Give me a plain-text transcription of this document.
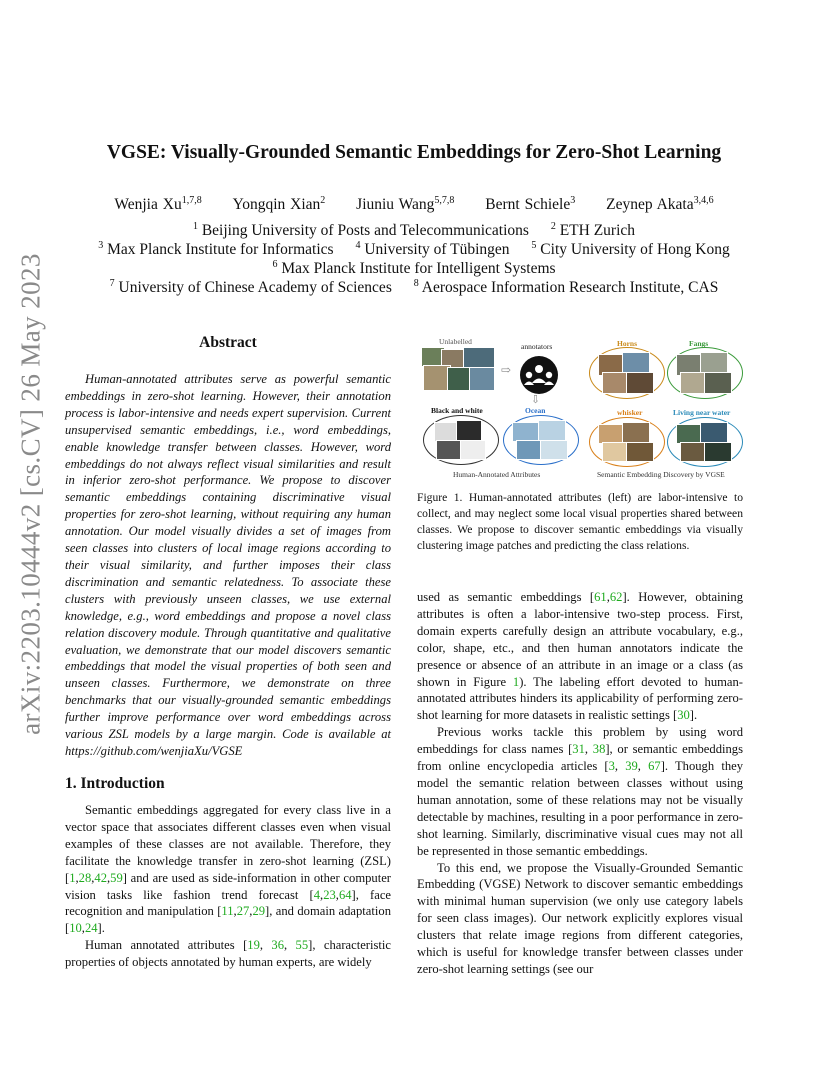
arXiv:2203.10444v2 [cs.CV] 26 May 2023
VGSE: Visually-Grounded Semantic Embeddings for Zero-Shot Learning
Wenjia Xu$^{1,7,8}$ Yongqin Xian$^2$ Jiuniu Wang$^{5,7,8}$ Bernt Schiele$^3$ Zeynep Akata$^{3,4,6}$
$^1$ Beijing University of Posts and Telecommunications $^2$ ETH Zurich
$^3$ Max Planck Institute for Informatics $^4$ University of Tübingen $^5$ City University of Hong Kong
$^6$ Max Planck Institute for Intelligent Systems
$^7$ University of Chinese Academy of Sciences $^8$ Aerospace Information Research Institute, CAS
Abstract

Human-annotated attributes serve as powerful semantic embeddings in zero-shot learning. However, their annotation process is labor-intensive and needs expert supervision. Current unsupervised semantic embeddings, i.e., word embeddings, enable knowledge transfer between classes. However, word embeddings do not always reflect visual similarities and result in inferior zero-shot performance. We propose to discover semantic embeddings containing discriminative visual properties for zero-shot learning, without requiring any human annotation. Our model visually divides a set of images from seen classes into clusters of local image regions according to their visual similarity, and further imposes their class discrimination and semantic relatedness. To associate these clusters with previously unseen classes, we use external knowledge, e.g., word embeddings and propose a novel class relation discovery module. Through quantitative and qualitative evaluation, we demonstrate that our model discovers semantic embeddings that model the visual properties of both seen and unseen classes. Furthermore, we demonstrate on three benchmarks that our visually-grounded semantic embeddings further improve performance over word embeddings across various ZSL models by a large margin. Code is available at https://github.com/wenjiaXu/VGSE

Unlabelled
⇨
annotators
⇩
Black and white	Ocean
Human-Annotated Attributes
Horns	Fangs
whisker	Living near water
Semantic Embedding Discovery by VGSE
Figure 1. Human-annotated attributes (left) are labor-intensive to collect, and may neglect some local visual properties shared between classes. We propose to discover semantic embeddings via visually clustering image patches and predicting the class relations.
1. Introduction

Semantic embeddings aggregated for every class live in a vector space that associates different classes even when visual examples of these classes are not available. Therefore, they facilitate the knowledge transfer in zero-shot learning (ZSL) [1,28,42,59] and are used as side-information in other computer vision tasks like fashion trend forecast [4,23,64], face recognition and manipulation [11,27,29], and domain adaptation [10,24].

Human annotated attributes [19, 36, 55], characteristic properties of objects annotated by human experts, are widely

used as semantic embeddings [61,62]. However, obtaining attributes is often a labor-intensive two-step process. First, domain experts carefully design an attribute vocabulary, e.g., color, shape, etc., and then human annotators indicate the presence or absence of an attribute in an image or a class (as shown in Figure 1). The labeling effort devoted to human-annotated attributes hinders its applicability of performing zero-shot learning for more datasets in realistic settings [30].

Previous works tackle this problem by using word embeddings for class names [31, 38], or semantic embeddings from online encyclopedia articles [3, 39, 67]. Though they model the semantic relation between classes without using human annotation, some of these relations may not be visually detectable by machines, resulting in a poor performance in zero-shot learning. Similarly, discriminative visual cues may not all be represented in those semantic embeddings.

To this end, we propose the Visually-Grounded Semantic Embedding (VGSE) Network to discover semantic embeddings with minimal human supervision (we only use category labels for seen class images). Our network explicitly explores visual clusters that relate image regions from different categories, which is useful for knowledge transfer between classes under zero-shot learning settings (see our
